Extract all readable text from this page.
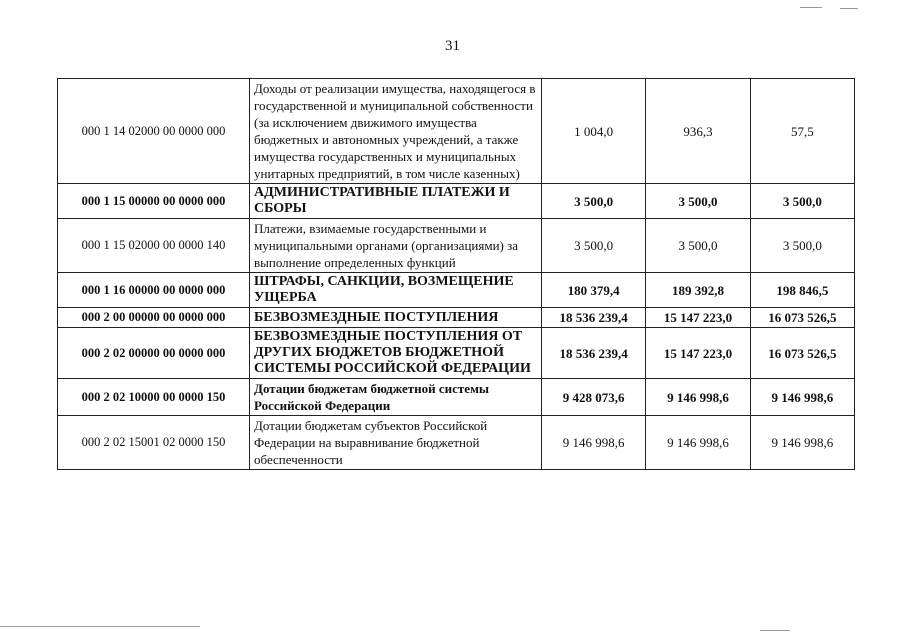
31
000 1 14 02000 00 0000 000	Доходы от реализации имущества, находящегося в государственной и муниципальной собственности (за исключением движимого имущества бюджетных и автономных учреждений, а также имущества государственных и муниципальных унитарных предприятий, в том числе казенных)	1 004,0	936,3	57,5
000 1 15 00000 00 0000 000	АДМИНИСТРАТИВНЫЕ ПЛАТЕЖИ И СБОРЫ	3 500,0	3 500,0	3 500,0
000 1 15 02000 00 0000 140	Платежи, взимаемые государственными и муниципальными органами (организациями) за выполнение определенных функций	3 500,0	3 500,0	3 500,0
000 1 16 00000 00 0000 000	ШТРАФЫ, САНКЦИИ, ВОЗМЕЩЕНИЕ УЩЕРБА	180 379,4	189 392,8	198 846,5
000 2 00 00000 00 0000 000	БЕЗВОЗМЕЗДНЫЕ ПОСТУПЛЕНИЯ	18 536 239,4	15 147 223,0	16 073 526,5
000 2 02 00000 00 0000 000	БЕЗВОЗМЕЗДНЫЕ ПОСТУПЛЕНИЯ ОТ ДРУГИХ БЮДЖЕТОВ БЮДЖЕТНОЙ СИСТЕМЫ РОССИЙСКОЙ ФЕДЕРАЦИИ	18 536 239,4	15 147 223,0	16 073 526,5
000 2 02 10000 00 0000 150	Дотации бюджетам бюджетной системы Российской Федерации	9 428 073,6	9 146 998,6	9 146 998,6
000 2 02 15001 02 0000 150	Дотации бюджетам субъектов Российской Федерации на выравнивание бюджетной обеспеченности	9 146 998,6	9 146 998,6	9 146 998,6
